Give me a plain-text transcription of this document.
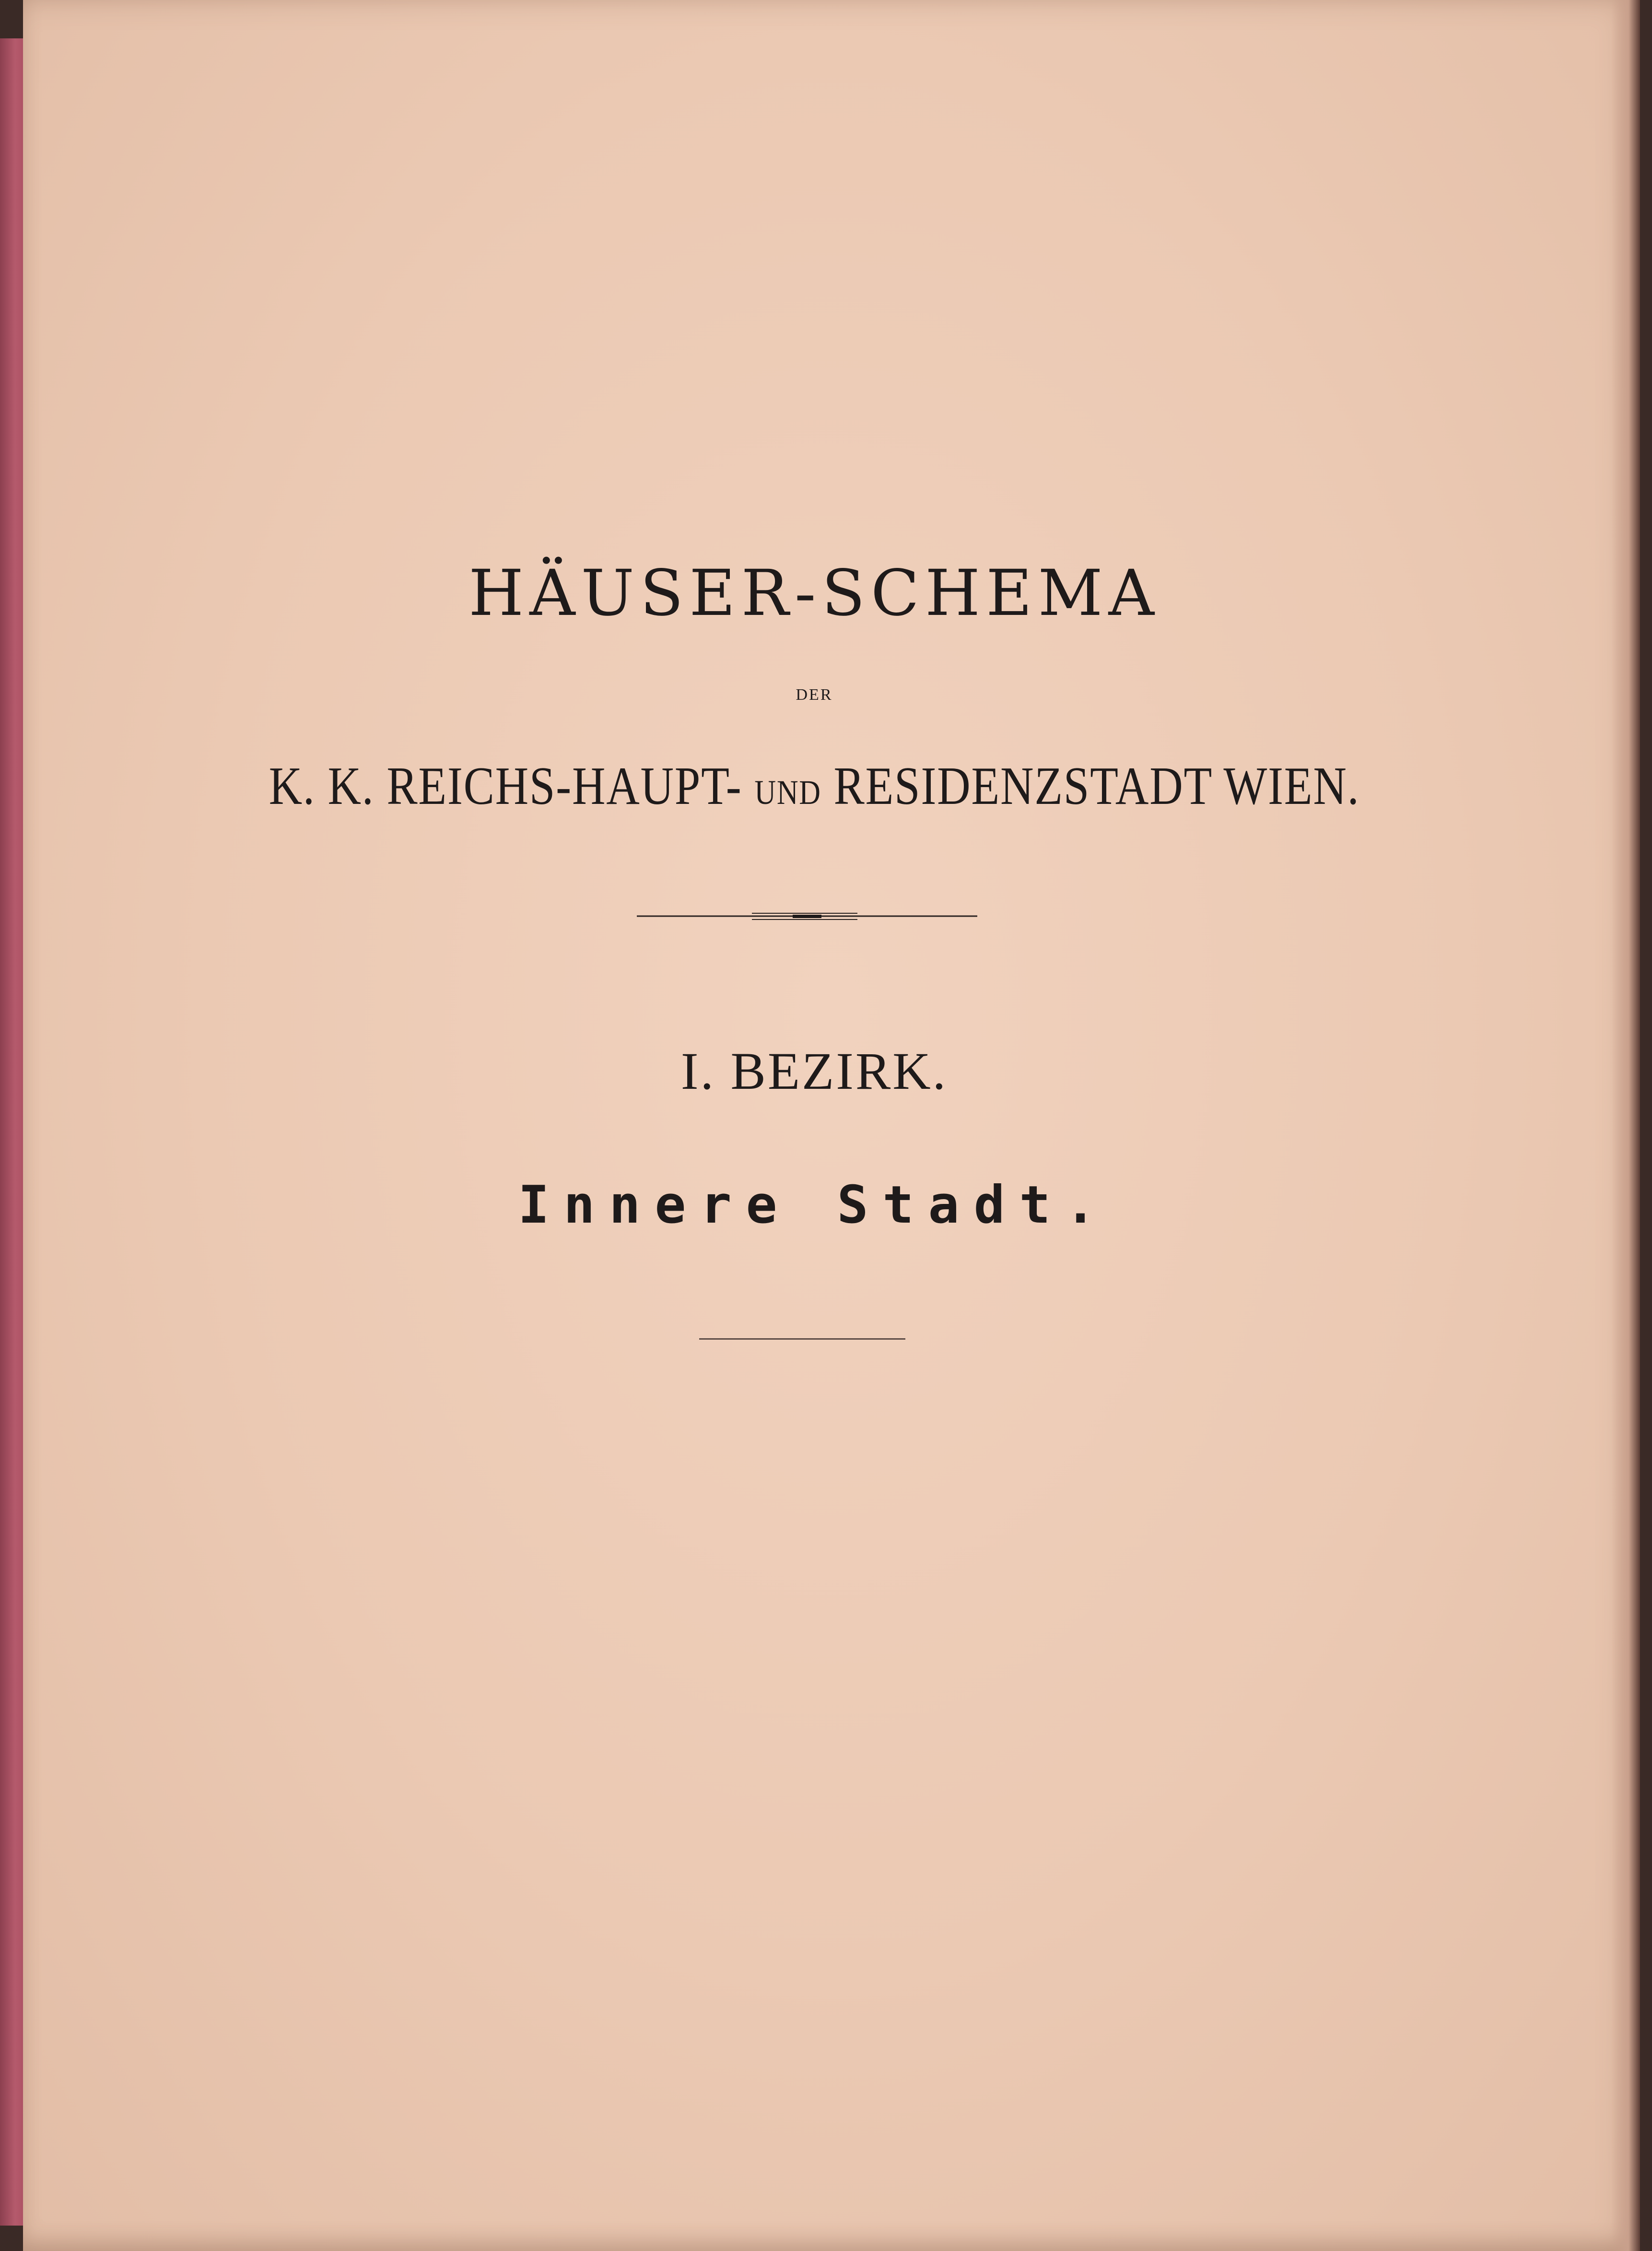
HÄUSER-SCHEMA
DER
K. K. REICHS-HAUPT- UND RESIDENZSTADT WIEN.
I. BEZIRK.
Innere Stadt.
